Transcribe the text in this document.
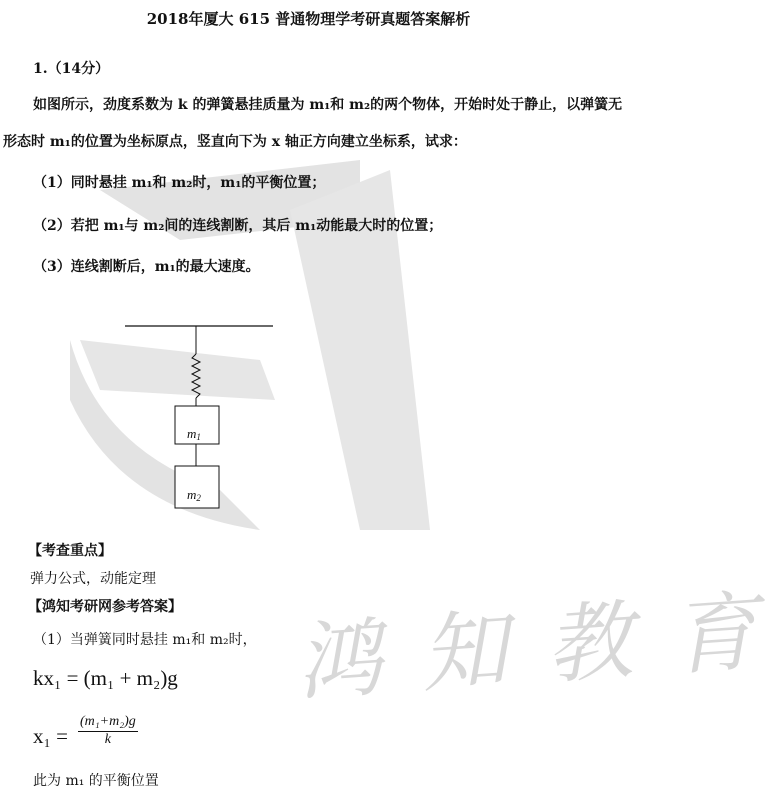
鸿 知 教 育
2018年厦大 615 普通物理学考研真题答案解析
1.（14分）
如图所示，劲度系数为 k 的弹簧悬挂质量为 m₁和 m₂的两个物体，开始时处于静止，以弹簧无
形态时 m₁的位置为坐标原点，竖直向下为 x 轴正方向建立坐标系，试求：
（1）同时悬挂 m₁和 m₂时，m₁的平衡位置；
（2）若把 m₁与 m₂间的连线割断，其后 m₁动能最大时的位置；
（3）连线割断后，m₁的最大速度。
$m_1$
$m_2$
【考查重点】
弹力公式，动能定理
【鸿知考研网参考答案】
（1）当弹簧同时悬挂 m₁和 m₂时，
kx₁ = (m₁ + m₂)g
$x_1 = \frac{\text{(m₁+m₂)g}}{k}$
此为 m₁ 的平衡位置
